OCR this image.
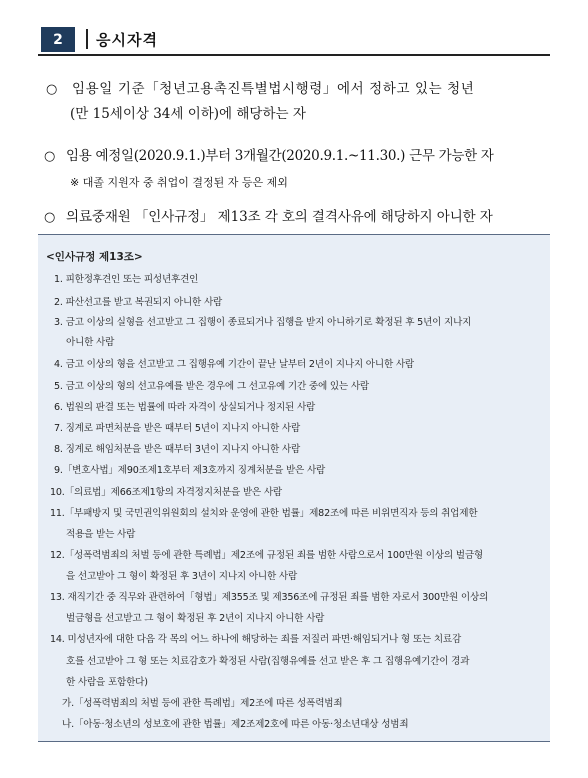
2	응시자격
○ 임용일 기준「청년고용촉진특별법시행령」에서 정하고 있는 청년
(만 15세이상 34세 이하)에 해당하는 자
○ 임용 예정일(2020.9.1.)부터 3개월간(2020.9.1.~11.30.) 근무 가능한 자
※ 대졸 지원자 중 취업이 결정된 자 등은 제외
○ 의료중재원 「인사규정」 제13조 각 호의 결격사유에 해당하지 아니한 자
<인사규정 제13조>
1. 피한정후견인 또는 피성년후견인
2. 파산선고를 받고 복권되지 아니한 사람
3. 금고 이상의 실형을 선고받고 그 집행이 종료되거나 집행을 받지 아니하기로 확정된 후 5년이 지나지
아니한 사람
4. 금고 이상의 형을 선고받고 그 집행유예 기간이 끝난 날부터 2년이 지나지 아니한 사람
5. 금고 이상의 형의 선고유예를 받은 경우에 그 선고유예 기간 중에 있는 사람
6. 법원의 판결 또는 법률에 따라 자격이 상실되거나 정지된 사람
7. 징계로 파면처분을 받은 때부터 5년이 지나지 아니한 사람
8. 징계로 해임처분을 받은 때부터 3년이 지나지 아니한 사람
9.「변호사법」제90조제1호부터 제3호까지 징계처분을 받은 사람
10.「의료법」제66조제1항의 자격정지처분을 받은 사람
11.「부패방지 및 국민권익위원회의 설치와 운영에 관한 법률」제82조에 따른 비위면직자 등의 취업제한
적용을 받는 사람
12.「성폭력범죄의 처벌 등에 관한 특례법」제2조에 규정된 죄를 범한 사람으로서 100만원 이상의 벌금형
을 선고받아 그 형이 확정된 후 3년이 지나지 아니한 사람
13. 재직기간 중 직무와 관련하여「형법」제355조 및 제356조에 규정된 죄를 범한 자로서 300만원 이상의
벌금형을 선고받고 그 형이 확정된 후 2년이 지나지 아니한 사람
14. 미성년자에 대한 다음 각 목의 어느 하나에 해당하는 죄를 저질러 파면·해임되거나 형 또는 치료감
호를 선고받아 그 형 또는 치료감호가 확정된 사람(집행유예를 선고 받은 후 그 집행유예기간이 경과
한 사람을 포함한다)
가.「성폭력범죄의 처벌 등에 관한 특례법」제2조에 따른 성폭력범죄
나.「아동·청소년의 성보호에 관한 법률」제2조제2호에 따른 아동·청소년대상 성범죄
